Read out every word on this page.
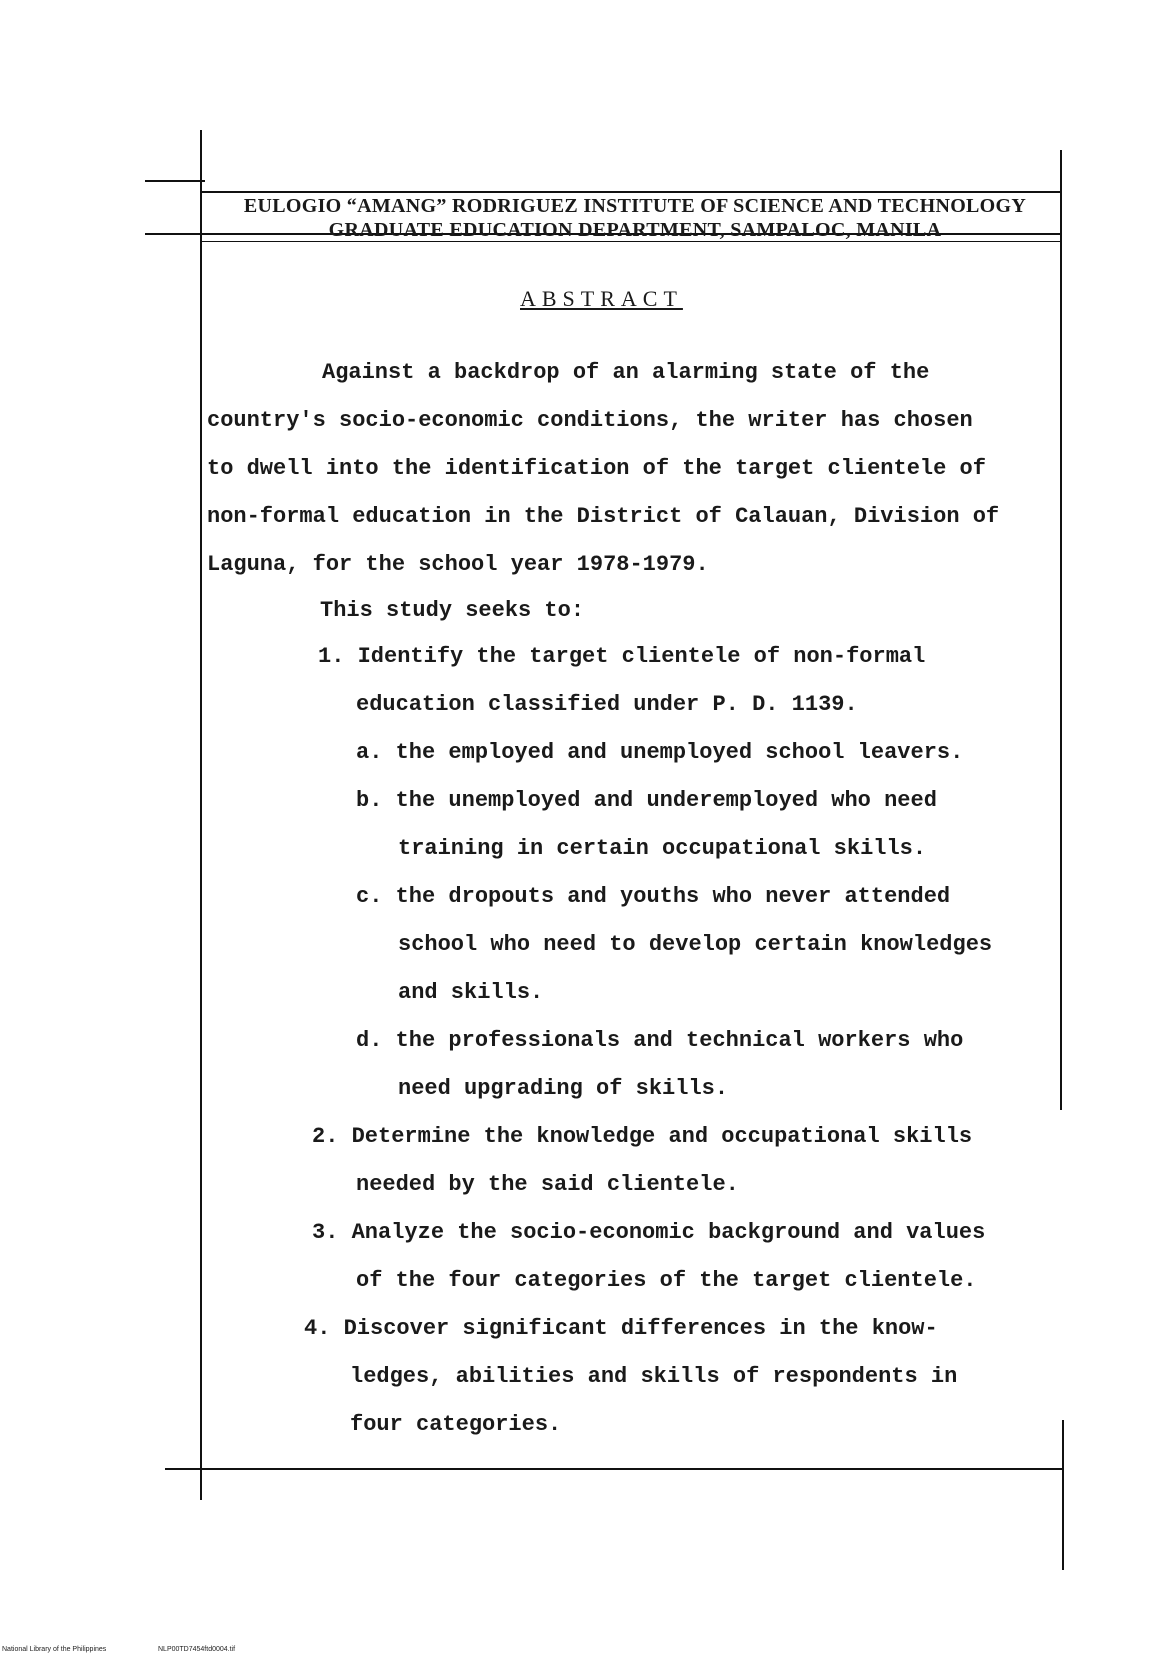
EULOGIO “AMANG” RODRIGUEZ INSTITUTE OF SCIENCE AND TECHNOLOGY
GRADUATE EDUCATION DEPARTMENT, SAMPALOC, MANILA
ABSTRACT
Against a backdrop of an alarming state of the
country's socio-economic conditions, the writer has chosen
to dwell into the identification of the target clientele of
non-formal education in the District of Calauan, Division of
Laguna, for the school year 1978-1979.
This study seeks to:
1. Identify the target clientele of non-formal
education classified under P. D. 1139.
a. the employed and unemployed school leavers.
b. the unemployed and underemployed who need
training in certain occupational skills.
c. the dropouts and youths who never attended
school who need to develop certain knowledges
and skills.
d. the professionals and technical workers who
need upgrading of skills.
2. Determine the knowledge and occupational skills
needed by the said clientele.
3. Analyze the socio-economic background and values
of the four categories of the target clientele.
4. Discover significant differences in the know-
ledges, abilities and skills of respondents in
four categories.
National Library of the Philippines	NLP00TD7454ftd0004.tif
